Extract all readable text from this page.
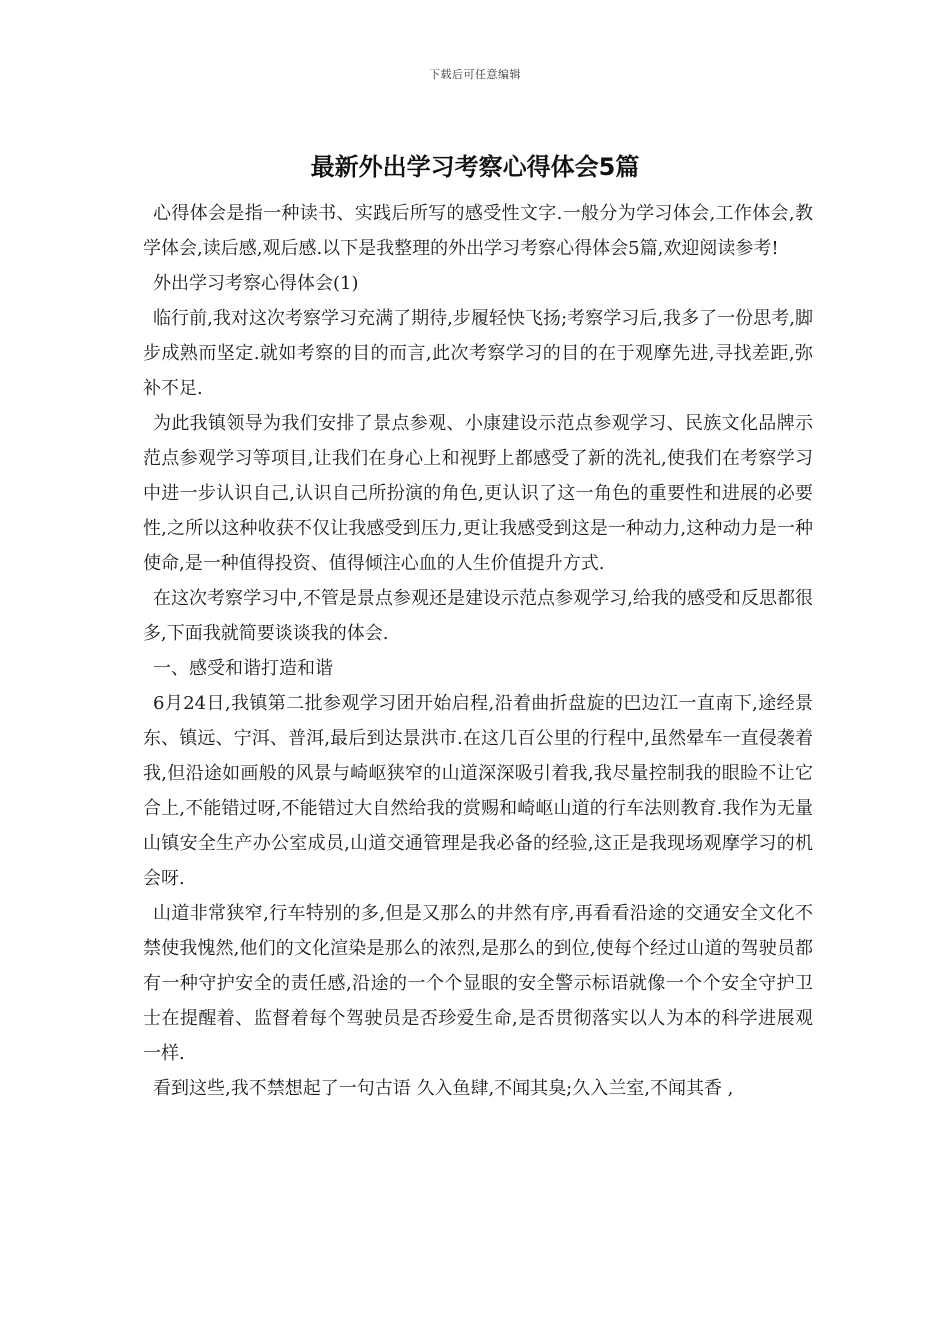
下载后可任意编辑
最新外出学习考察心得体会5篇

心得体会是指一种读书、实践后所写的感受性文字.一般分为学习体会,工作体会,教学体会,读后感,观后感.以下是我整理的外出学习考察心得体会5篇,欢迎阅读参考!

外出学习考察心得体会(1)

临行前,我对这次考察学习充满了期待,步履轻快飞扬;考察学习后,我多了一份思考,脚步成熟而坚定.就如考察的目的而言,此次考察学习的目的在于观摩先进,寻找差距,弥补不足.

为此我镇领导为我们安排了景点参观、小康建设示范点参观学习、民族文化品牌示范点参观学习等项目,让我们在身心上和视野上都感受了新的洗礼,使我们在考察学习中进一步认识自己,认识自己所扮演的角色,更认识了这一角色的重要性和进展的必要性,之所以这种收获不仅让我感受到压力,更让我感受到这是一种动力,这种动力是一种使命,是一种值得投资、值得倾注心血的人生价值提升方式.

在这次考察学习中,不管是景点参观还是建设示范点参观学习,给我的感受和反思都很多,下面我就简要谈谈我的体会.

一、感受和谐打造和谐

6月24日,我镇第二批参观学习团开始启程,沿着曲折盘旋的巴边江一直南下,途经景东、镇远、宁洱、普洱,最后到达景洪市.在这几百公里的行程中,虽然晕车一直侵袭着我,但沿途如画般的风景与崎岖狭窄的山道深深吸引着我,我尽量控制我的眼睑不让它合上,不能错过呀,不能错过大自然给我的赏赐和崎岖山道的行车法则教育.我作为无量山镇安全生产办公室成员,山道交通管理是我必备的经验,这正是我现场观摩学习的机会呀.

山道非常狭窄,行车特别的多,但是又那么的井然有序,再看看沿途的交通安全文化不禁使我愧然,他们的文化渲染是那么的浓烈,是那么的到位,使每个经过山道的驾驶员都有一种守护安全的责任感,沿途的一个个显眼的安全警示标语就像一个个安全守护卫士在提醒着、监督着每个驾驶员是否珍爱生命,是否贯彻落实以人为本的科学进展观一样.

看到这些,我不禁想起了一句古语 久入鱼肆,不闻其臭;久入兰室,不闻其香 ,
